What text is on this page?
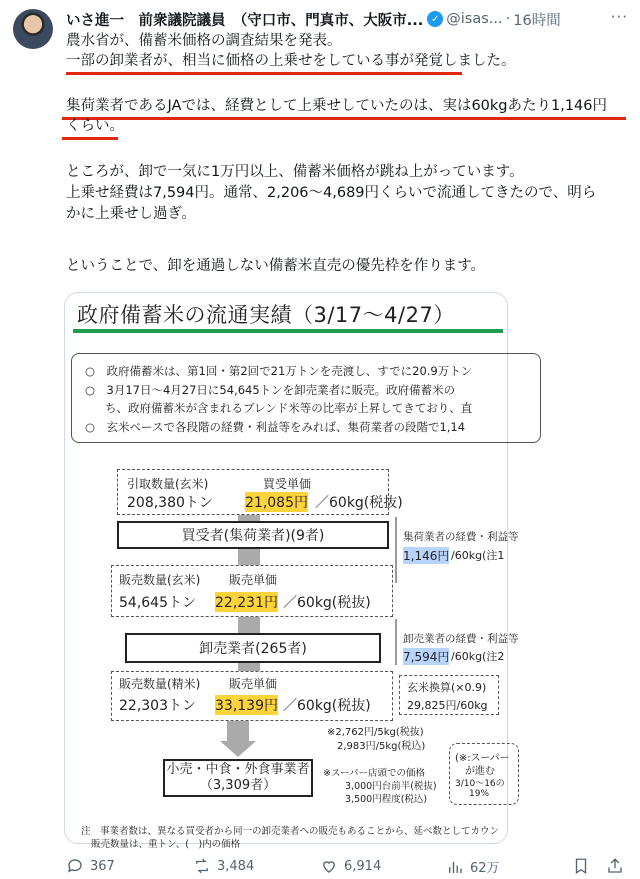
いさ進一　前衆議院議員　（守口市、門真市、大阪市... ✓ @isas... · 16時間	···
農水省が、備蓄米価格の調査結果を発表。
一部の卸業者が、相当に価格の上乗せをしている事が発覚しました。
集荷業者であるJAでは、経費として上乗せしていたのは、実は60kgあたり1,146円
くらい。
ところが、卸で一気に1万円以上、備蓄米価格が跳ね上がっています。
上乗せ経費は7,594円。通常、2,206〜4,689円くらいで流通してきたので、明ら
かに上乗せし過ぎ。
ということで、卸を通過しない備蓄米直売の優先枠を作ります。
政府備蓄米の流通実績（3/17〜4/27）
○　政府備蓄米は、第1回・第2回で21万トンを売渡し、すでに20.9万トン
○　3月17日〜4月27日に54,645トンを卸売業者に販売。政府備蓄米の
ち、政府備蓄米が含まれるブレンド米等の比率が上昇してきており、直
○　玄米ベースで各段階の経費・利益等をみれば、集荷業者の段階で1,14
引取数量(玄米)	買受単価
208,380トン 21,085円 ／60kg(税抜)
買受者(集荷業者)(9者)	集荷業者の経費・利益等
1,146円 /60kg(注1
販売数量(玄米) 販売単価
54,645トン 22,231円 ／60kg(税抜)
卸売業者(265者)
卸売業者の経費・利益等
7,594円 /60kg(注2
販売数量(精米) 販売単価
22,303トン 33,139円 ／60kg(税抜)
玄米換算(×0.9)
29,825円/60kg
※2,762円/5kg(税抜)
2,983円/5kg(税込)
小売・中食・外食事業者
（3,309者）
※スーパー店頭での価格
3,000円台前半(税抜)
3,500円程度(税込)
(※:スーパー
が進む
3/10〜16の
19%
注　事業者数は、異なる買受者から同一の卸売業者への販売もあることから、延べ数としてカウン
販売数量は、重トン、(　)内の価格
367	3,484	6,914	62万
